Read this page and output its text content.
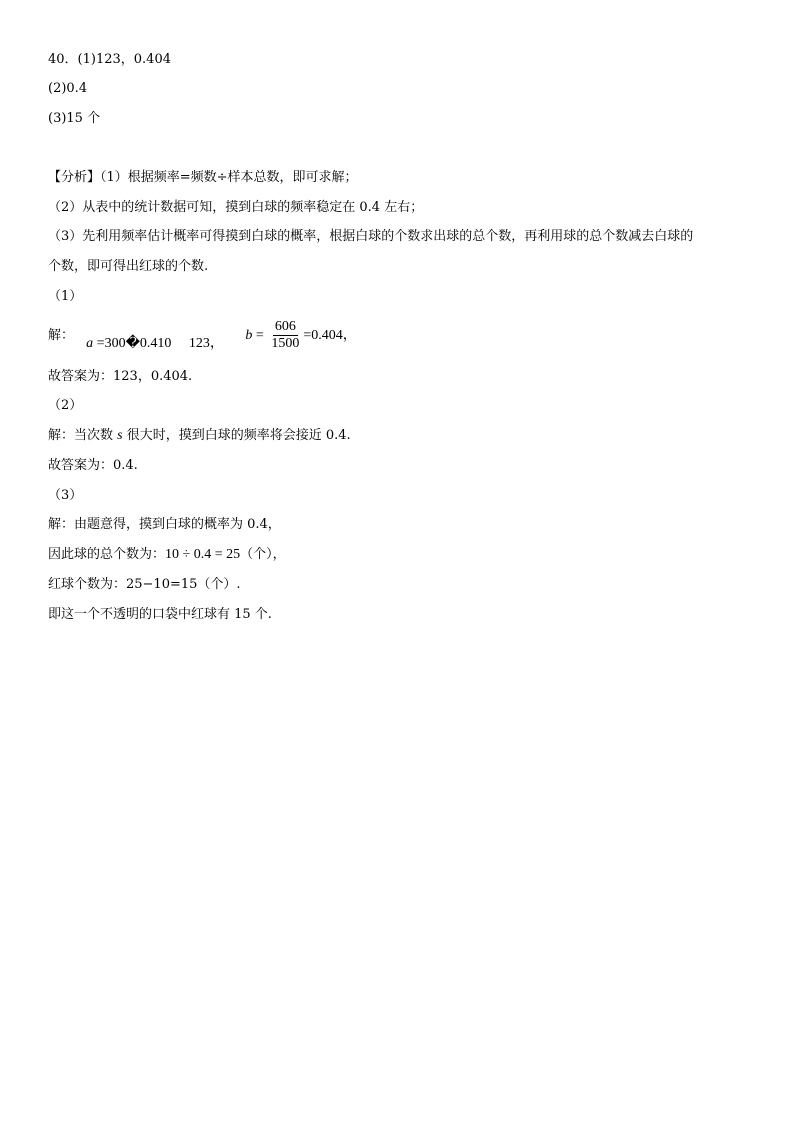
40．(1)123，0.404
(2)0.4
(3)15 个
【分析】（1）根据频率=频数÷样本总数，即可求解；
（2）从表中的统计数据可知，摸到白球的频率稳定在 0.4 左右；
（3）先利用频率估计概率可得摸到白球的概率，根据白球的个数求出球的总个数，再利用球的总个数减去白球的
个数，即可得出红球的个数.
（1）
解： a =300�0.410 123， $b = \frac{606}{1500} =0.404$，
故答案为：123，0.404.
（2）
解：当次数 s 很大时，摸到白球的频率将会接近 0.4.
故答案为：0.4.
（3）
解：由题意得，摸到白球的概率为 0.4，
因此球的总个数为：10 ÷ 0.4 = 25（个），
红球个数为：25−10=15（个）.
即这一个不透明的口袋中红球有 15 个.
